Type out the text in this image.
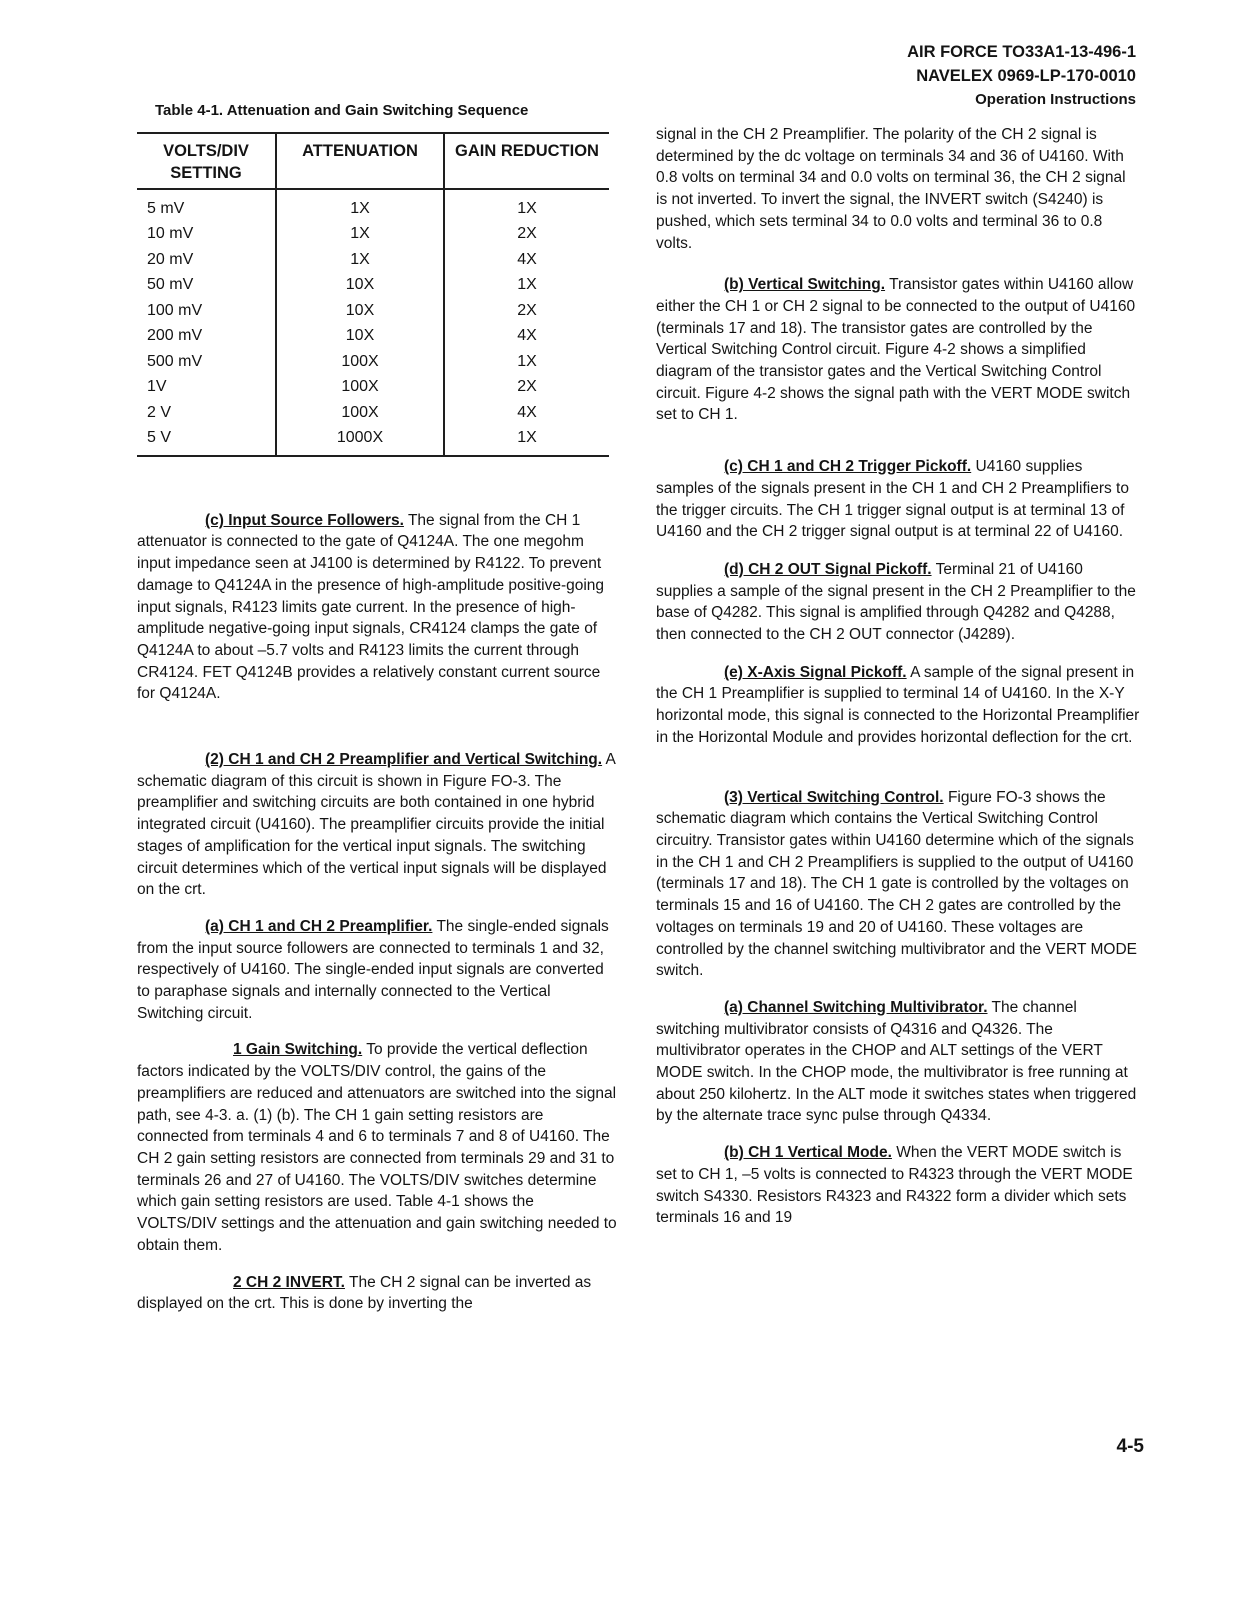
AIR FORCE TO33A1-13-496-1
NAVELEX 0969-LP-170-0010
Operation Instructions
Table 4-1. Attenuation and Gain Switching Sequence
VOLTS/DIV SETTING	ATTENUATION	GAIN REDUCTION
5 mV	1X	1X
10 mV	1X	2X
20 mV	1X	4X
50 mV	10X	1X
100 mV	10X	2X
200 mV	10X	4X
500 mV	100X	1X
1V	100X	2X
2 V	100X	4X
5 V	1000X	1X

(c) Input Source Followers. The signal from the CH 1 attenuator is connected to the gate of Q4124A. The one megohm input impedance seen at J4100 is determined by R4122. To prevent damage to Q4124A in the presence of high-amplitude positive-going input signals, R4123 limits gate current. In the presence of high-amplitude negative-going input signals, CR4124 clamps the gate of Q4124A to about –5.7 volts and R4123 limits the current through CR4124. FET Q4124B provides a relatively constant current source for Q4124A.

(2) CH 1 and CH 2 Preamplifier and Vertical Switching. A schematic diagram of this circuit is shown in Figure FO-3. The preamplifier and switching circuits are both contained in one hybrid integrated circuit (U4160). The preamplifier circuits provide the initial stages of amplification for the vertical input signals. The switching circuit determines which of the vertical input signals will be displayed on the crt.

(a) CH 1 and CH 2 Preamplifier. The single-ended signals from the input source followers are connected to terminals 1 and 32, respectively of U4160. The single-ended input signals are converted to paraphase signals and internally connected to the Vertical Switching circuit.

1 Gain Switching. To provide the vertical deflection factors indicated by the VOLTS/DIV control, the gains of the preamplifiers are reduced and attenuators are switched into the signal path, see 4-3. a. (1) (b). The CH 1 gain setting resistors are connected from terminals 4 and 6 to terminals 7 and 8 of U4160. The CH 2 gain setting resistors are connected from terminals 29 and 31 to terminals 26 and 27 of U4160. The VOLTS/DIV switches determine which gain setting resistors are used. Table 4-1 shows the VOLTS/DIV settings and the attenuation and gain switching needed to obtain them.

2 CH 2 INVERT. The CH 2 signal can be inverted as displayed on the crt. This is done by inverting the

signal in the CH 2 Preamplifier. The polarity of the CH 2 signal is determined by the dc voltage on terminals 34 and 36 of U4160. With 0.8 volts on terminal 34 and 0.0 volts on terminal 36, the CH 2 signal is not inverted. To invert the signal, the INVERT switch (S4240) is pushed, which sets terminal 34 to 0.0 volts and terminal 36 to 0.8 volts.

(b) Vertical Switching. Transistor gates within U4160 allow either the CH 1 or CH 2 signal to be connected to the output of U4160 (terminals 17 and 18). The transistor gates are controlled by the Vertical Switching Control circuit. Figure 4-2 shows a simplified diagram of the transistor gates and the Vertical Switching Control circuit. Figure 4-2 shows the signal path with the VERT MODE switch set to CH 1.

(c) CH 1 and CH 2 Trigger Pickoff. U4160 supplies samples of the signals present in the CH 1 and CH 2 Preamplifiers to the trigger circuits. The CH 1 trigger signal output is at terminal 13 of U4160 and the CH 2 trigger signal output is at terminal 22 of U4160.

(d) CH 2 OUT Signal Pickoff. Terminal 21 of U4160 supplies a sample of the signal present in the CH 2 Preamplifier to the base of Q4282. This signal is amplified through Q4282 and Q4288, then connected to the CH 2 OUT connector (J4289).

(e) X-Axis Signal Pickoff. A sample of the signal present in the CH 1 Preamplifier is supplied to terminal 14 of U4160. In the X-Y horizontal mode, this signal is connected to the Horizontal Preamplifier in the Horizontal Module and provides horizontal deflection for the crt.

(3) Vertical Switching Control. Figure FO-3 shows the schematic diagram which contains the Vertical Switching Control circuitry. Transistor gates within U4160 determine which of the signals in the CH 1 and CH 2 Preamplifiers is supplied to the output of U4160 (terminals 17 and 18). The CH 1 gate is controlled by the voltages on terminals 15 and 16 of U4160. The CH 2 gates are controlled by the voltages on terminals 19 and 20 of U4160. These voltages are controlled by the channel switching multivibrator and the VERT MODE switch.

(a) Channel Switching Multivibrator. The channel switching multivibrator consists of Q4316 and Q4326. The multivibrator operates in the CHOP and ALT settings of the VERT MODE switch. In the CHOP mode, the multivibrator is free running at about 250 kilohertz. In the ALT mode it switches states when triggered by the alternate trace sync pulse through Q4334.

(b) CH 1 Vertical Mode. When the VERT MODE switch is set to CH 1, –5 volts is connected to R4323 through the VERT MODE switch S4330. Resistors R4323 and R4322 form a divider which sets terminals 16 and 19

4-5
